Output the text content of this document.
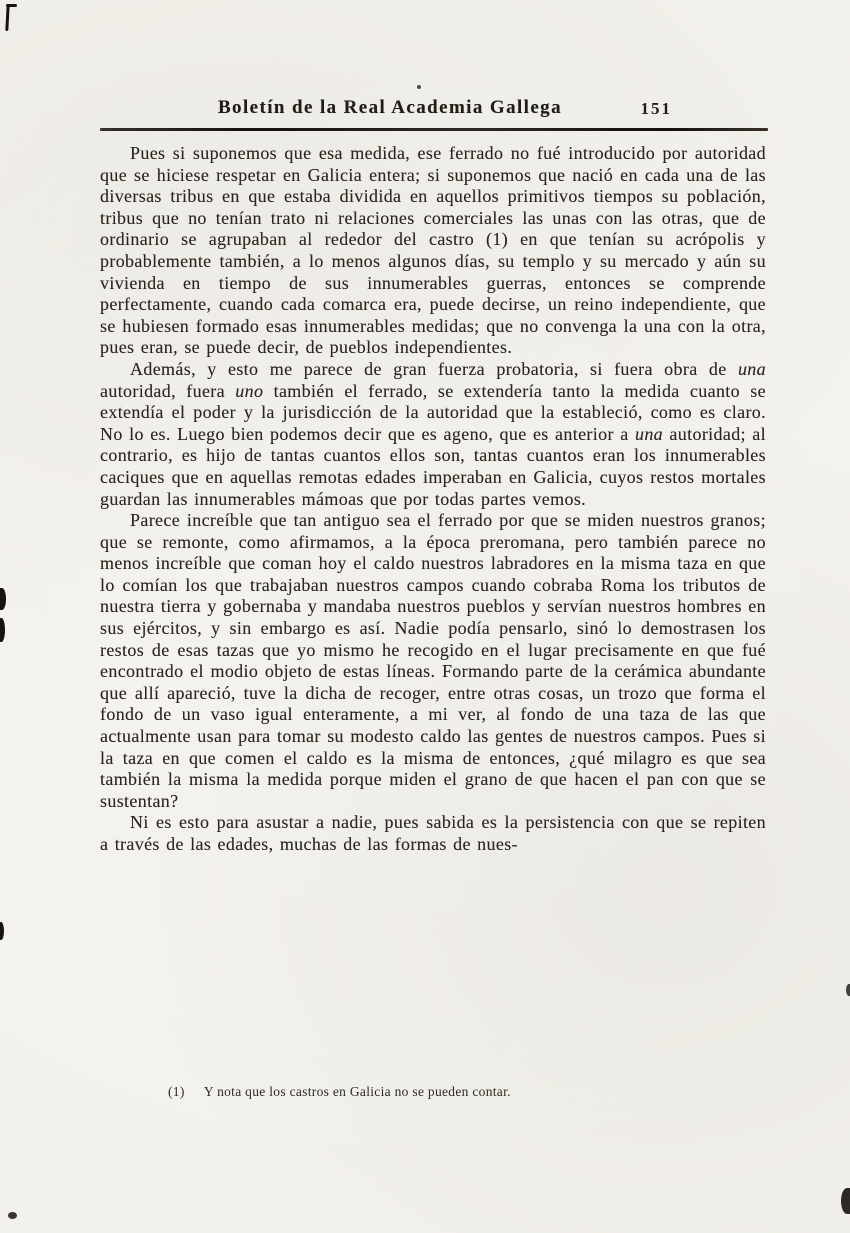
Boletín de la Real Academia Gallega	151

Pues si suponemos que esa medida, ese ferrado no fué introducido por autoridad que se hiciese respetar en Galicia entera; si suponemos que nació en cada una de las diversas tribus en que estaba dividida en aquellos primitivos tiempos su población, tribus que no tenían trato ni relaciones comerciales las unas con las otras, que de ordinario se agrupaban al rededor del castro (1) en que tenían su acrópolis y probablemente también, a lo menos algunos días, su templo y su mercado y aún su vivienda en tiempo de sus innumerables guerras, entonces se comprende perfectamente, cuando cada comarca era, puede decirse, un reino independiente, que se hubiesen formado esas innumerables medidas; que no convenga la una con la otra, pues eran, se puede decir, de pueblos independientes.

Además, y esto me parece de gran fuerza probatoria, si fuera obra de una autoridad, fuera uno también el ferrado, se extendería tanto la medida cuanto se extendía el poder y la jurisdicción de la autoridad que la estableció, como es claro. No lo es. Luego bien podemos decir que es ageno, que es anterior a una autoridad; al contrario, es hijo de tantas cuantos ellos son, tantas cuantos eran los innumerables caciques que en aquellas remotas edades imperaban en Galicia, cuyos restos mortales guardan las innumerables mámoas que por todas partes vemos.

Parece increíble que tan antiguo sea el ferrado por que se miden nuestros granos; que se remonte, como afirmamos, a la época preromana, pero también parece no menos increíble que coman hoy el caldo nuestros labradores en la misma taza en que lo comían los que trabajaban nuestros campos cuando cobraba Roma los tributos de nuestra tierra y gobernaba y mandaba nuestros pueblos y servían nuestros hombres en sus ejércitos, y sin embargo es así. Nadie podía pensarlo, sinó lo demostrasen los restos de esas tazas que yo mismo he recogido en el lugar precisamente en que fué encontrado el modio objeto de estas líneas. Formando parte de la cerámica abundante que allí apareció, tuve la dicha de recoger, entre otras cosas, un trozo que forma el fondo de un vaso igual enteramente, a mi ver, al fondo de una taza de las que actualmente usan para tomar su modesto caldo las gentes de nuestros campos. Pues si la taza en que comen el caldo es la misma de entonces, ¿qué milagro es que sea también la misma la medida porque miden el grano de que hacen el pan con que se sustentan?

Ni es esto para asustar a nadie, pues sabida es la persistencia con que se repiten a través de las edades, muchas de las formas de nues-

(1) Y nota que los castros en Galicia no se pueden contar.
